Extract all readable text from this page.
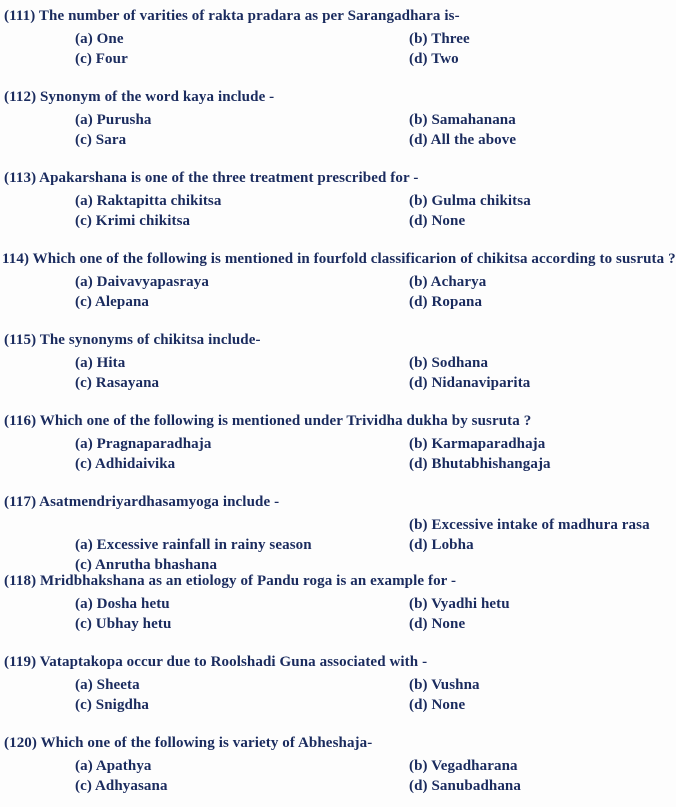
(111) The number of varities of rakta pradara as per Sarangadhara is-
(a) One	(b) Three
(c) Four	(d) Two
(112) Synonym of the word kaya include -
(a) Purusha	(b) Samahanana
(c) Sara	(d) All the above
(113) Apakarshana is one of the three treatment prescribed for -
(a) Raktapitta chikitsa	(b) Gulma chikitsa
(c) Krimi chikitsa	(d) None
114) Which one of the following is mentioned in fourfold classificarion of chikitsa according to susruta ?
(a) Daivavyapasraya	(b) Acharya
(c) Alepana	(d) Ropana
(115) The synonyms of chikitsa include-
(a) Hita	(b) Sodhana
(c) Rasayana	(d) Nidanaviparita
(116) Which one of the following is mentioned under Trividha dukha by susruta ?
(a) Pragnaparadhaja	(b) Karmaparadhaja
(c) Adhidaivika	(d) Bhutabhishangaja
(117) Asatmendriyardhasamyoga include -
(b) Excessive intake of madhura rasa
(a) Excessive rainfall in rainy season	(d) Lobha
(c) Anrutha bhashana
(118) Mridbhakshana as an etiology of Pandu roga is an example for -
(a) Dosha hetu	(b) Vyadhi hetu
(c) Ubhay hetu	(d) None
(119) Vataptakopa occur due to Roolshadi Guna associated with -
(a) Sheeta	(b) Vushna
(c) Snigdha	(d) None
(120) Which one of the following is variety of Abheshaja-
(a) Apathya	(b) Vegadharana
(c) Adhyasana	(d) Sanubadhana
